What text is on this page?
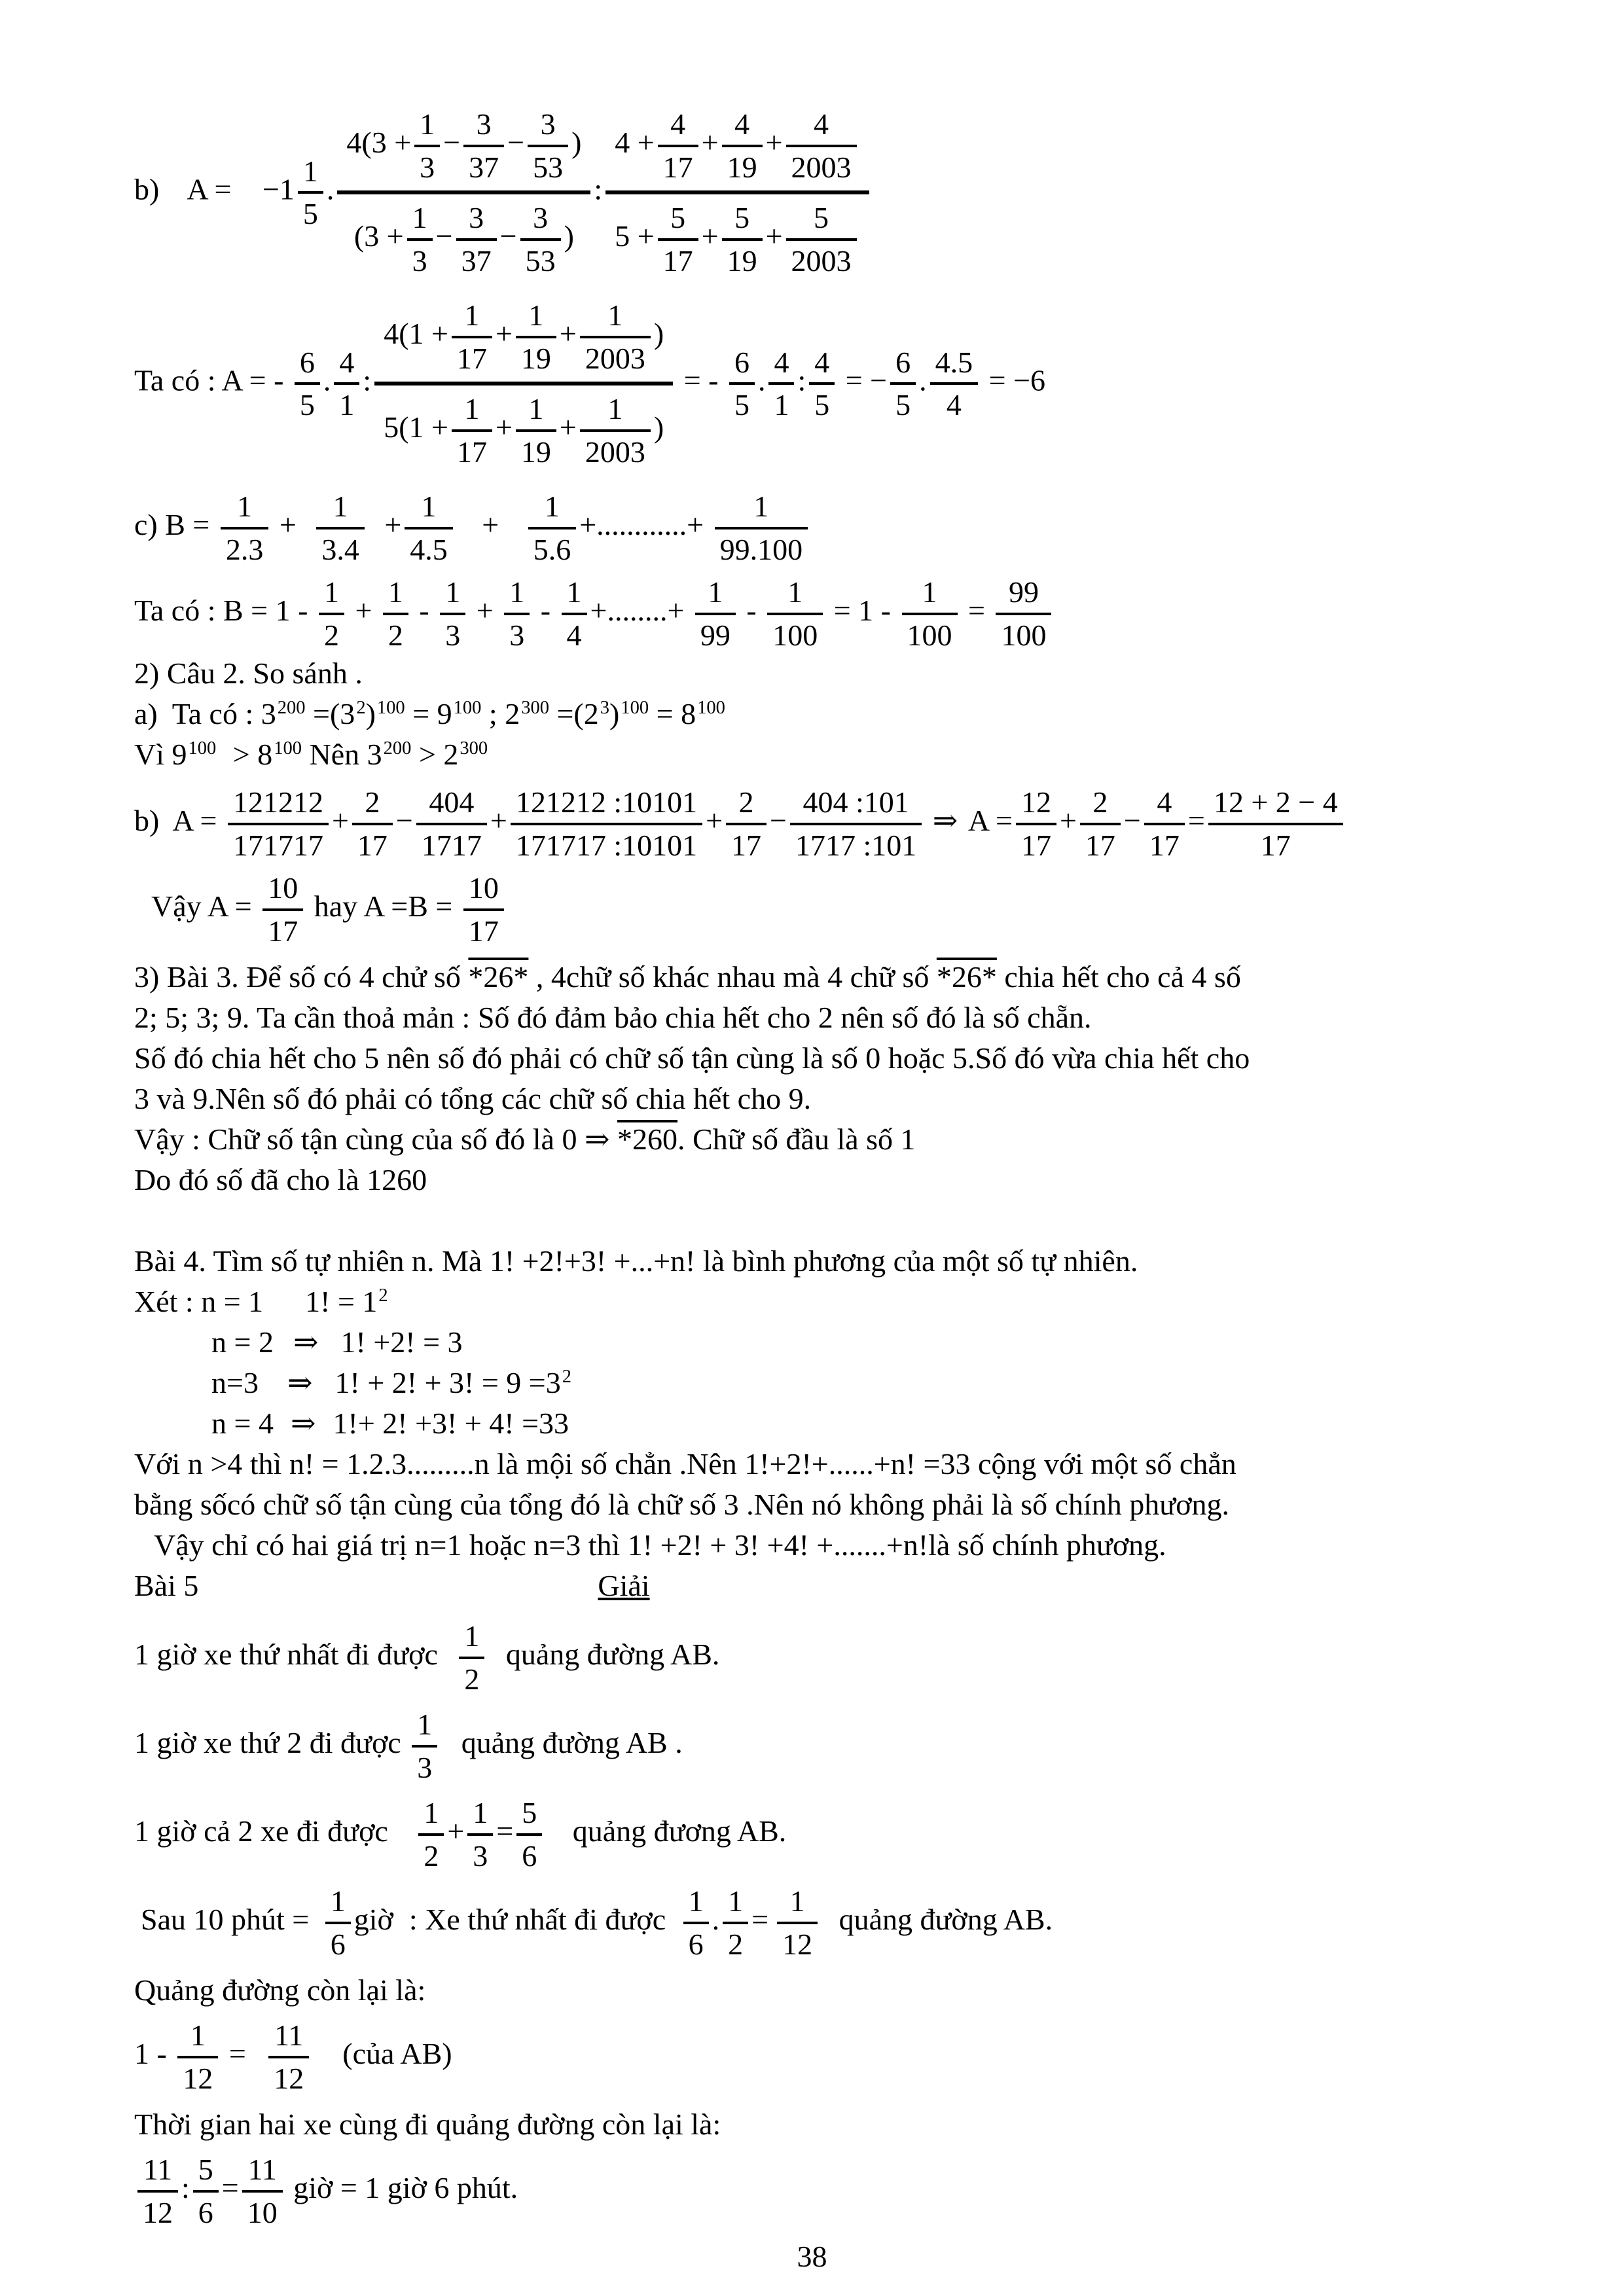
b) $A = -1 \frac{1}{5}$ . $\frac{4(3 + \frac{1}{3} - \frac{3}{37} - \frac{3}{53} )}{(3 + \frac{1}{3} - \frac{3}{37} - \frac{3}{53} )}$ : $\frac{4 + \frac{4}{17} + \frac{4}{19} + \frac{4}{2003}}{5 + \frac{5}{17} + \frac{5}{19} + \frac{5}{2003}}$
Ta có : A = - $\frac{6}{5}$ . $\frac{4}{1}$ : $\frac{4(1 + \frac{1}{17} + \frac{1}{19} + \frac{1}{2003} )}{5(1 + \frac{1}{17} + \frac{1}{19} + \frac{1}{2003} )}$ = - $\frac{6}{5}$ . $\frac{4}{1}$ : $\frac{4}{5}$ = − $\frac{6}{5}$ . $\frac{4.5}{4} = -6$
c) $B = \frac{1}{2.3} + \frac{1}{3.4} + \frac{1}{4.5} + \frac{1}{5.6}$ +............+ $\frac{1}{99.100}$
Ta có : $B = 1 - \frac{1}{2} + \frac{1}{2} - \frac{1}{3} + \frac{1}{3} - \frac{1}{4}$ +........+ $\frac{1}{99} - \frac{1}{100} = 1 - \frac{1}{100} = \frac{99}{100}$
2) Câu 2. So sánh .
a) Ta có : $3^{200} =(3^2)^{100} = 9^{100}$ ; $2^{300} =(2^3)^{100} = 8^{100}$
Vì $9^{100} > 8^{100}$ Nên $3^{200} > 2^{300}$
b) $A = \frac{121212}{171717} + \frac{2}{17} - \frac{404}{1717} + \frac{121212 :10101}{171717 :10101} + \frac{2}{17} - \frac{404 :101}{1717 :101}$ ⇒ $A = \frac{12}{17} + \frac{2}{17} - \frac{4}{17} = \frac{12 + 2 - 4}{17}$
Vậy $A = \frac{10}{17}$ hay $A =B = \frac{10}{17}$
3) Bài 3. Để số có 4 chử số *26* , 4chữ số khác nhau mà 4 chữ số *26* chia hết cho cả 4 số
2; 5; 3; 9. Ta cần thoả mản : Số đó đảm bảo chia hết cho 2 nên số đó là số chẵn.
Số đó chia hết cho 5 nên số đó phải có chữ số tận cùng là số 0 hoặc 5.Số đó vừa chia hết cho
3 và 9.Nên số đó phải có tổng các chữ số chia hết cho 9.
Vậy : Chữ số tận cùng của số đó là 0 ⇒ *260. Chữ số đầu là số 1
Do đó số đã cho là 1260
Bài 4. Tìm số tự nhiên n. Mà 1! +2!+3! +...+n! là bình phương của một số tự nhiên.
Xét : n = 1 1! = $1^2$
n = 2 ⇒ 1! +2! = 3
n=3 ⇒ 1! + 2! + 3! = $9 =3^2$
n = 4 ⇒ 1!+ 2! +3! + 4! =33
Với n >4 thì n! = 1.2.3.........n là mội số chẳn .Nên 1!+2!+......+n! =33 cộng với một số chẳn
bằng sốcó chữ số tận cùng của tổng đó là chữ số 3 .Nên nó không phải là số chính phương.
Vậy chỉ có hai giá trị n=1 hoặc n=3 thì 1! +2! + 3! +4! +.......+n!là số chính phương.
Bài 5	Giải
1 giờ xe thứ nhất đi được $\frac{1}{2}$ quảng đường AB.
1 giờ xe thứ 2 đi được $\frac{1}{3}$ quảng đường AB .
1 giờ cả 2 xe đi được $\frac{1}{2} + \frac{1}{3} = \frac{5}{6}$ quảng đương AB.
Sau 10 phút = $\frac{1}{6}$ giờ : Xe thứ nhất đi được $\frac{1}{6}$ . $\frac{1}{2} = \frac{1}{12}$ quảng đường AB.
Quảng đường còn lại là:
$1 - \frac{1}{12} = \frac{11}{12}$ (của AB)
Thời gian hai xe cùng đi quảng đường còn lại là:
$\frac{11}{12}$ : $\frac{5}{6} = \frac{11}{10}$ giờ = 1 giờ 6 phút.
38
